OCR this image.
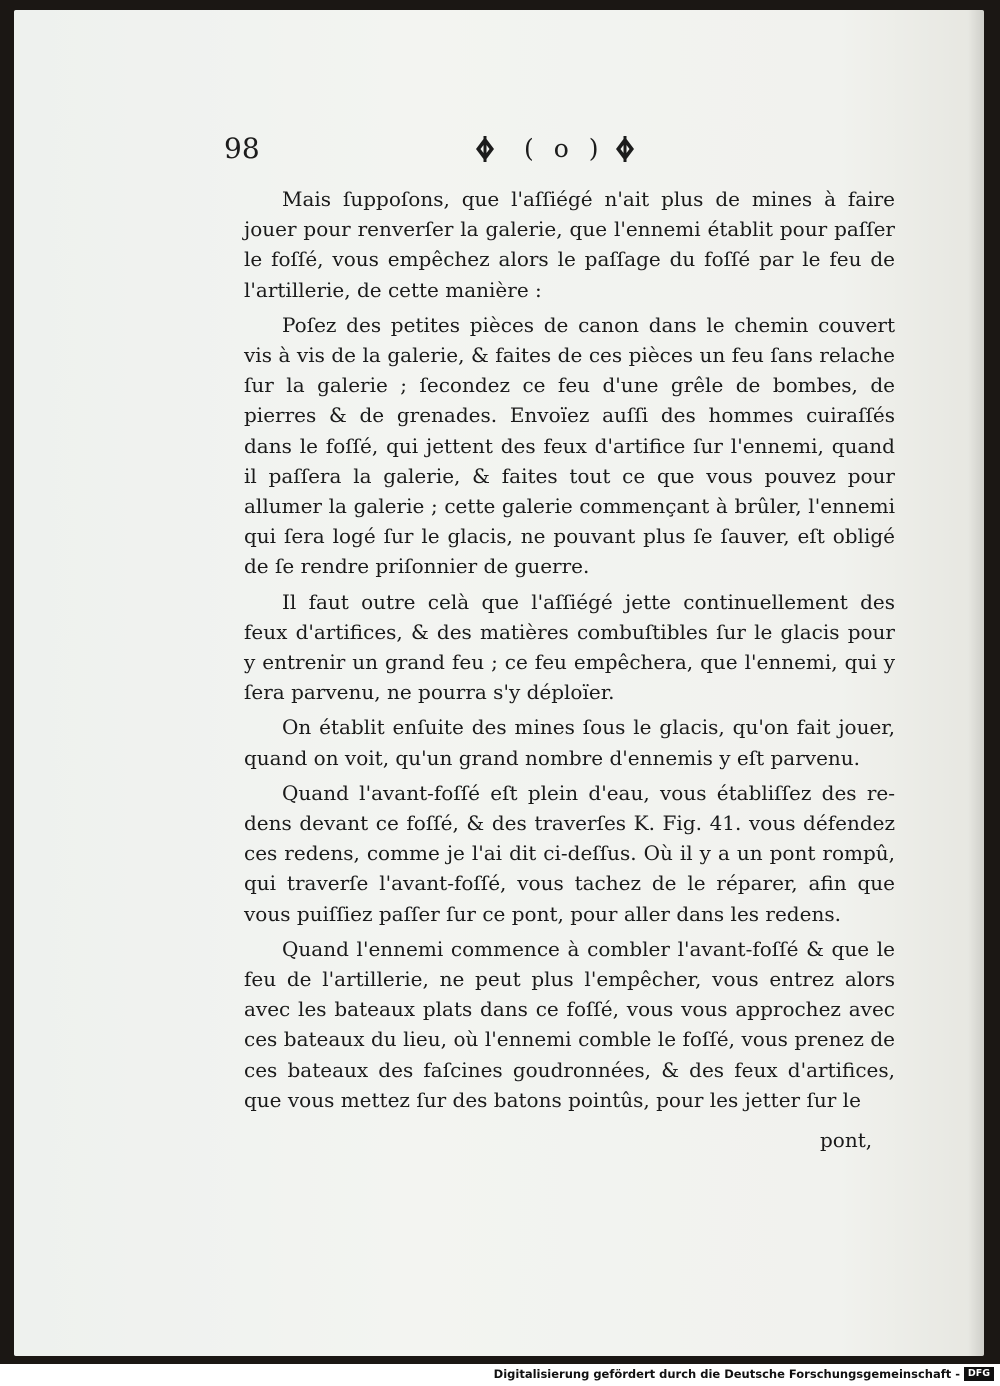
98	( o )

Mais ſuppoſons, que l'aſſiégé n'ait plus de mines à faire jouer pour renverſer la galerie, que l'ennemi établit pour paſſer le foſſé, vous empêchez alors le paſſage du foſſé par le feu de l'artillerie, de cette manière :

Poſez des petites pièces de canon dans le chemin couvert vis à vis de la galerie, & faites de ces pièces un feu ſans relache ſur la galerie ; ſecondez ce feu d'une grêle de bombes, de pierres & de grenades. Envoïez auſſi des hommes cuiraſſés dans le foſſé, qui jettent des feux d'artifice ſur l'ennemi, quand il paſſera la galerie, & faites tout ce que vous pouvez pour allumer la galerie ; cette galerie commençant à brûler, l'ennemi qui ſera logé ſur le glacis, ne pouvant plus ſe ſauver, eſt obligé de ſe rendre priſonnier de guerre.

Il faut outre celà que l'aſſiégé jette continuellement des feux d'artifices, & des matières combuſtibles ſur le glacis pour y entrenir un grand feu ; ce feu empêchera, que l'ennemi, qui y ſera parvenu, ne pourra s'y déploïer.

On établit enſuite des mines ſous le glacis, qu'on fait jouer, quand on voit, qu'un grand nombre d'ennemis y eſt parvenu.

Quand l'avant-foſſé eſt plein d'eau, vous établiſſez des redens devant ce foſſé, & des traverſes K. Fig. 41. vous défendez ces redens, comme je l'ai dit ci-deſſus. Où il y a un pont rompû, qui traverſe l'avant-foſſé, vous tachez de le réparer, afin que vous puiſſiez paſſer ſur ce pont, pour aller dans les redens.

Quand l'ennemi commence à combler l'avant-foſſé & que le feu de l'artillerie, ne peut plus l'empêcher, vous entrez alors avec les bateaux plats dans ce foſſé, vous vous approchez avec ces bateaux du lieu, où l'ennemi comble le foſſé, vous prenez de ces bateaux des faſcines goudronnées, & des feux d'artifices, que vous mettez ſur des batons pointûs, pour les jetter ſur le

pont,
Digitalisierung gefördert durch die Deutsche Forschungsgemeinschaft - DFG
